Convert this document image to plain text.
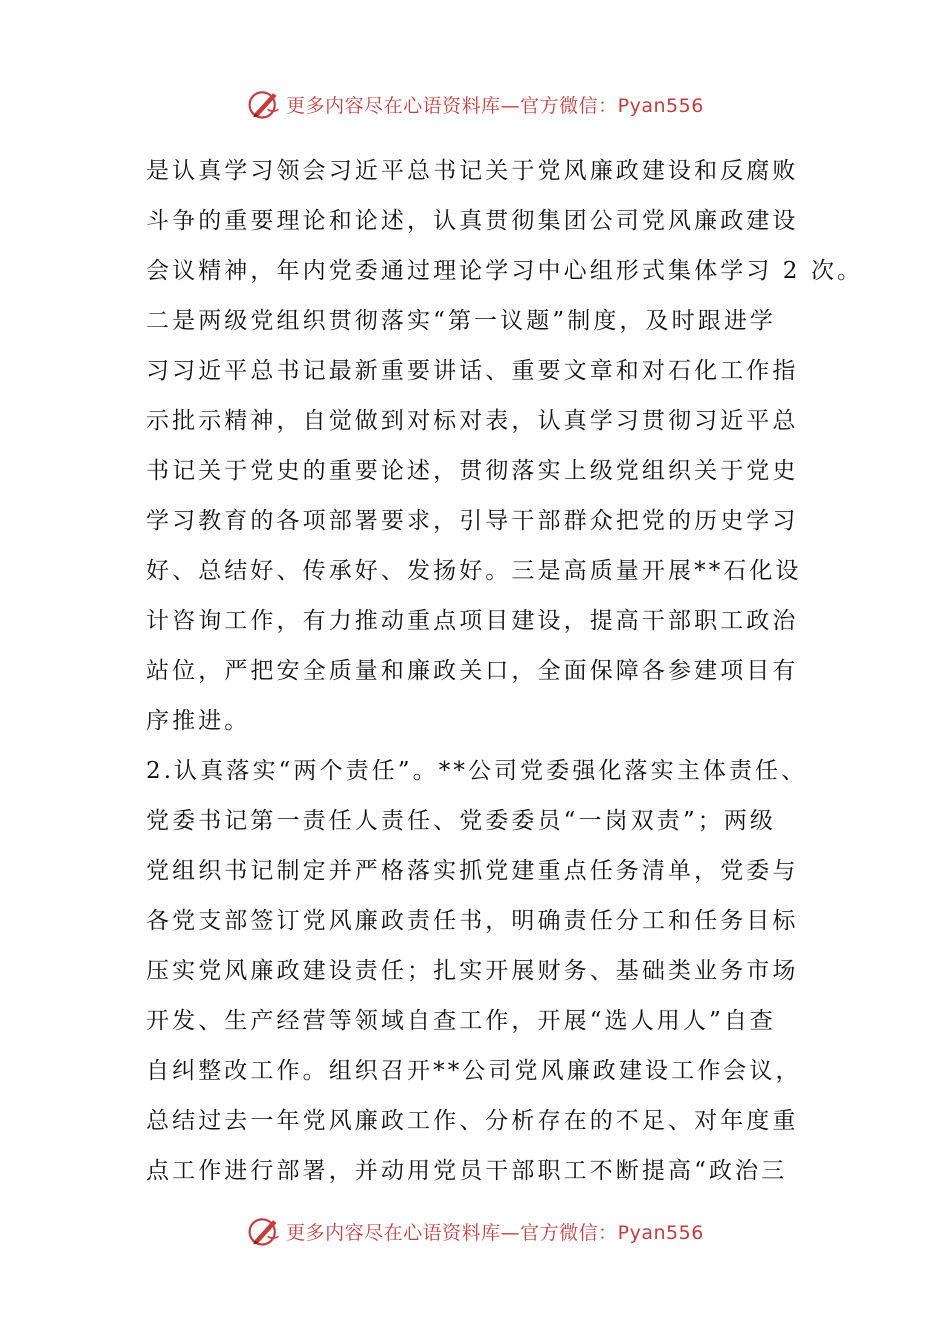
更多内容尽在心语资料库—官方微信：Pyan556
是认真学习领会习近平总书记关于党风廉政建设和反腐败
斗争的重要理论和论述，认真贯彻集团公司党风廉政建设
会议精神，年内党委通过理论学习中心组形式集体学习 2 次。
二是两级党组织贯彻落实“第一议题”制度，及时跟进学
习习近平总书记最新重要讲话、重要文章和对石化工作指
示批示精神，自觉做到对标对表，认真学习贯彻习近平总
书记关于党史的重要论述，贯彻落实上级党组织关于党史
学习教育的各项部署要求，引导干部群众把党的历史学习
好、总结好、传承好、发扬好。三是高质量开展**石化设
计咨询工作，有力推动重点项目建设，提高干部职工政治
站位，严把安全质量和廉政关口，全面保障各参建项目有
序推进。
2.认真落实“两个责任”。**公司党委强化落实主体责任、
党委书记第一责任人责任、党委委员“一岗双责”；两级
党组织书记制定并严格落实抓党建重点任务清单，党委与
各党支部签订党风廉政责任书，明确责任分工和任务目标
压实党风廉政建设责任；扎实开展财务、基础类业务市场
开发、生产经营等领域自查工作，开展“选人用人”自查
自纠整改工作。组织召开**公司党风廉政建设工作会议，
总结过去一年党风廉政工作、分析存在的不足、对年度重
点工作进行部署，并动用党员干部职工不断提高“政治三
更多内容尽在心语资料库—官方微信：Pyan556
